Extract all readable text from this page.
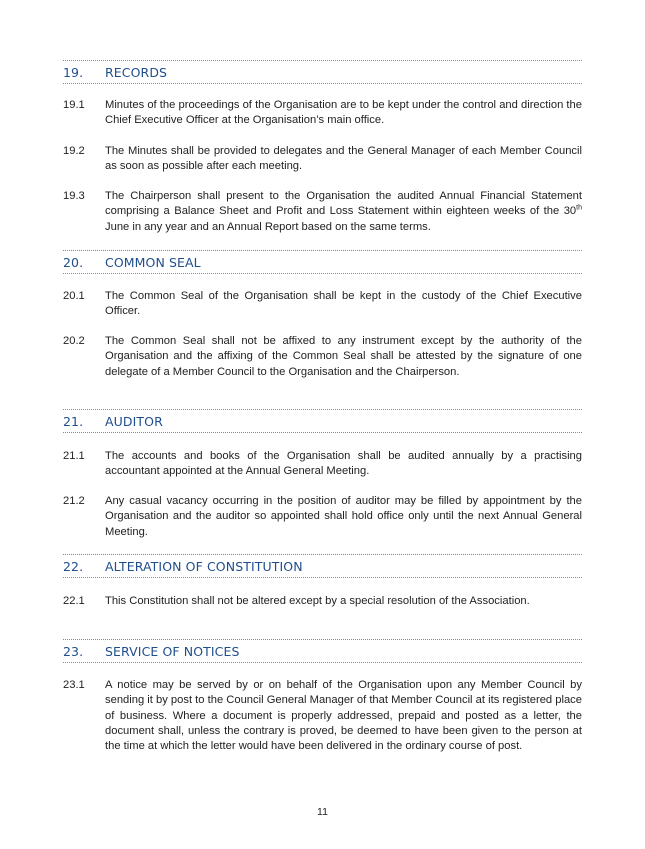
19.	RECORDS
19.1	Minutes of the proceedings of the Organisation are to be kept under the control and direction the Chief Executive Officer at the Organisation’s main office.
19.2	The Minutes shall be provided to delegates and the General Manager of each Member Council as soon as possible after each meeting.
19.3	The Chairperson shall present to the Organisation the audited Annual Financial Statement comprising a Balance Sheet and Profit and Loss Statement within eighteen weeks of the 30th June in any year and an Annual Report based on the same terms.
20.	COMMON SEAL
20.1	The Common Seal of the Organisation shall be kept in the custody of the Chief Executive Officer.
20.2	The Common Seal shall not be affixed to any instrument except by the authority of the Organisation and the affixing of the Common Seal shall be attested by the signature of one delegate of a Member Council to the Organisation and the Chairperson.
21.	AUDITOR
21.1	The accounts and books of the Organisation shall be audited annually by a practising accountant appointed at the Annual General Meeting.
21.2	Any casual vacancy occurring in the position of auditor may be filled by appointment by the Organisation and the auditor so appointed shall hold office only until the next Annual General Meeting.
22.	ALTERATION OF CONSTITUTION
22.1	This Constitution shall not be altered except by a special resolution of the Association.
23.	SERVICE OF NOTICES
23.1	A notice may be served by or on behalf of the Organisation upon any Member Council by sending it by post to the Council General Manager of that Member Council at its registered place of business. Where a document is properly addressed, prepaid and posted as a letter, the document shall, unless the contrary is proved, be deemed to have been given to the person at the time at which the letter would have been delivered in the ordinary course of post.
11
